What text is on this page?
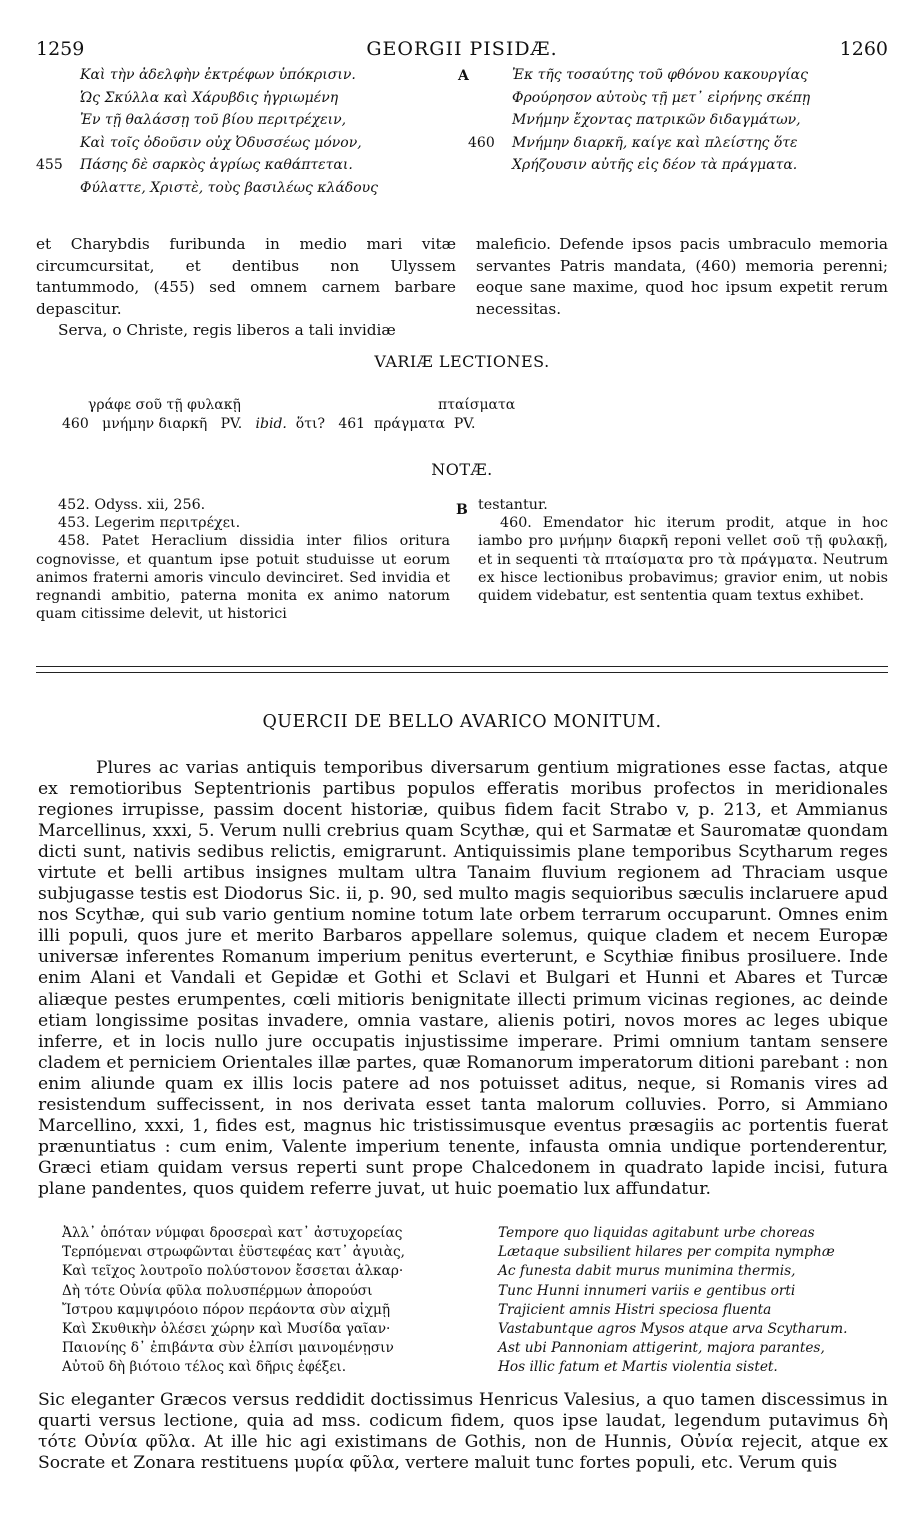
1259	GEORGII PISIDÆ.	1260
Καὶ τὴν ἀδελφὴν ἐκτρέφων ὑπόκρισιν.
Ὡς Σκύλλα καὶ Χάρυβδις ἠγριωμένη
Ἐν τῇ θαλάσσῃ τοῦ βίου περιτρέχειν,
Καὶ τοῖς ὀδοῦσιν οὐχ Ὀδυσσέως μόνον,
455 Πάσης δὲ σαρκὸς ἀγρίως καθάπτεται.
Φύλαττε, Χριστὲ, τοὺς βασιλέως κλάδους
A	Ἐκ τῆς τοσαύτης τοῦ φθόνου κακουργίας
Φρούρησον αὐτοὺς τῇ μετ᾿ εἰρήνης σκέπῃ
Μνήμην ἔχοντας πατρικῶν διδαγμάτων,
460 Μνήμην διαρκῆ, καίγε καὶ πλείστης ὅτε
Χρήζουσιν αὐτῆς εἰς δέον τὰ πράγματα.

et Charybdis furibunda in medio mari vitæ circumcursitat, et dentibus non Ulyssem tantummodo, (455) sed omnem carnem barbare depascitur.

Serva, o Christe, regis liberos a tali invidiæ

maleficio. Defende ipsos pacis umbraculo memoria servantes Patris mandata, (460) memoria perenni; eoque sane maxime, quod hoc ipsum expetit rerum necessitas.

VARIÆ LECTIONES.
γράφε σοῦ τῇ φυλακῇ	πταίσματα
460 μνήμην διαρκῆ PV. ibid. ὅτι? 461 πράγματα PV.
NOTÆ.

452. Odyss. xii, 256.

453. Legerim περιτρέχει.

458. Patet Heraclium dissidia inter filios oritura cognovisse, et quantum ipse potuit studuisse ut eorum animos fraterni amoris vinculo devinciret. Sed invidia et regnandi ambitio, paterna monita ex animo natorum quam citissime delevit, ut historici

B testantur.

460. Emendator hic iterum prodit, atque in hoc iambo pro μνήμην διαρκῆ reponi vellet σοῦ τῇ φυλακῇ, et in sequenti τὰ πταίσματα pro τὰ πράγματα. Neutrum ex hisce lectionibus probavimus; gravior enim, ut nobis quidem videbatur, est sententia quam textus exhibet.

QUERCII DE BELLO AVARICO MONITUM.

Plures ac varias antiquis temporibus diversarum gentium migrationes esse factas, atque ex remotioribus Septentrionis partibus populos efferatis moribus profectos in meridionales regiones irrupisse, passim docent historiæ, quibus fidem facit Strabo v, p. 213, et Ammianus Marcellinus, xxxi, 5. Verum nulli crebrius quam Scythæ, qui et Sarmatæ et Sauromatæ quondam dicti sunt, nativis sedibus relictis, emigrarunt. Antiquissimis plane temporibus Scytharum reges virtute et belli artibus insignes multam ultra Tanaim fluvium regionem ad Thraciam usque subjugasse testis est Diodorus Sic. ii, p. 90, sed multo magis sequioribus sæculis inclaruere apud nos Scythæ, qui sub vario gentium nomine totum late orbem terrarum occuparunt. Omnes enim illi populi, quos jure et merito Barbaros appellare solemus, quique cladem et necem Europæ universæ inferentes Romanum imperium penitus everterunt, e Scythiæ finibus prosiluere. Inde enim Alani et Vandali et Gepidæ et Gothi et Sclavi et Bulgari et Hunni et Abares et Turcæ aliæque pestes erumpentes, cœli mitioris benignitate illecti primum vicinas regiones, ac deinde etiam longissime positas invadere, omnia vastare, alienis potiri, novos mores ac leges ubique inferre, et in locis nullo jure occupatis injustissime imperare. Primi omnium tantam sensere cladem et perniciem Orientales illæ partes, quæ Romanorum imperatorum ditioni parebant : non enim aliunde quam ex illis locis patere ad nos potuisset aditus, neque, si Romanis vires ad resistendum suffecissent, in nos derivata esset tanta malorum colluvies. Porro, si Ammiano Marcellino, xxxi, 1, fides est, magnus hic tristissimusque eventus præsagiis ac portentis fuerat prænuntiatus : cum enim, Valente imperium tenente, infausta omnia undique portenderentur, Græci etiam quidam versus reperti sunt prope Chalcedonem in quadrato lapide incisi, futura plane pandentes, quos quidem referre juvat, ut huic poematio lux affundatur.

Ἀλλ᾿ ὁπόταν νύμφαι δροσεραὶ κατ᾿ ἀστυχορείας
Τερπόμεναι στρωφῶνται ἐϋστεφέας κατ᾿ ἀγυιὰς,
Καὶ τεῖχος λουτροῖο πολύστονον ἔσσεται ἀλκαρ·
Δὴ τότε Οὐνία φῦλα πολυσπέρμων ἀπορούσι
Ἴστρου καμψιρόοιο πόρον περάοντα σὺν αἰχμῇ
Καὶ Σκυθικὴν ὀλέσει χώρην καὶ Μυσίδα γαῖαν·
Παιονίης δ᾿ ἐπιβάντα σὺν ἐλπίσι μαινομένῃσιν
Αὐτοῦ δὴ βιότοιο τέλος καὶ δῆρις ἐφέξει.
Tempore quo liquidas agitabunt urbe choreas
Lætaque subsilient hilares per compita nymphæ
Ac funesta dabit murus munimina thermis,
Tunc Hunni innumeri variis e gentibus orti
Trajicient amnis Histri speciosa fluenta
Vastabuntque agros Mysos atque arva Scytharum.
Ast ubi Pannoniam attigerint, majora parantes,
Hos illic fatum et Martis violentia sistet.

Sic eleganter Græcos versus reddidit doctissimus Henricus Valesius, a quo tamen discessimus in quarti versus lectione, quia ad mss. codicum fidem, quos ipse laudat, legendum putavimus δὴ τότε Οὐνία φῦλα. At ille hic agi existimans de Gothis, non de Hunnis, Οὐνία rejecit, atque ex Socrate et Zonara restituens μυρία φῦλα, vertere maluit tunc fortes populi, etc. Verum quis
